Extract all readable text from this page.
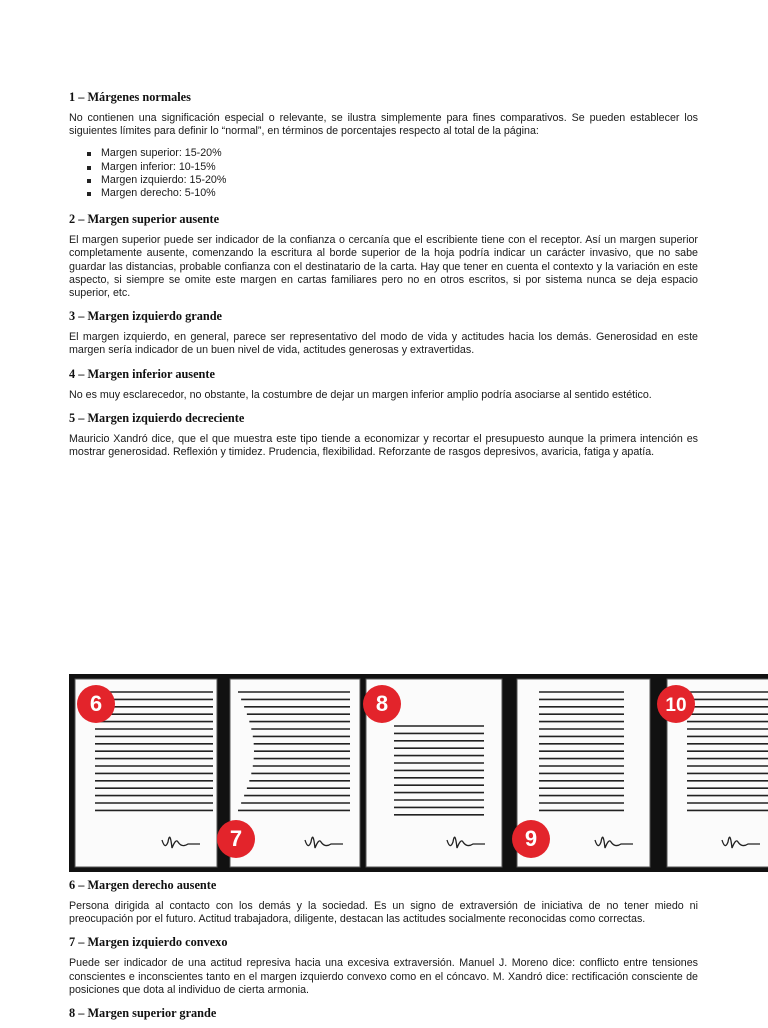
1 – Márgenes normales

No contienen una significación especial o relevante, se ilustra simplemente para fines comparativos. Se pueden establecer los siguientes límites para definir lo “normal”, en términos de porcentajes respecto al total de la página:

Margen superior: 15-20%
Margen inferior: 10-15%
Margen izquierdo: 15-20%
Margen derecho: 5-10%
2 – Margen superior ausente

El margen superior puede ser indicador de la confianza o cercanía que el escribiente tiene con el receptor. Así un margen superior completamente ausente, comenzando la escritura al borde superior de la hoja podría indicar un carácter invasivo, que no sabe guardar las distancias, probable confianza con el destinatario de la carta. Hay que tener en cuenta el contexto y la variación en este aspecto, si siempre se omite este margen en cartas familiares pero no en otros escritos, si por sistema nunca se deja espacio superior, etc.

3 – Margen izquierdo grande

El margen izquierdo, en general, parece ser representativo del modo de vida y actitudes hacia los demás. Generosidad en este margen sería indicador de un buen nivel de vida, actitudes generosas y extravertidas.

4 – Margen inferior ausente

No es muy esclarecedor, no obstante, la costumbre de dejar un margen inferior amplio podría asociarse al sentido estético.

5 – Margen izquierdo decreciente

Mauricio Xandró dice, que el que muestra este tipo tiende a economizar y recortar el presupuesto aunque la primera intención es mostrar generosidad. Reflexión y timidez. Prudencia, flexibilidad. Reforzante de rasgos depresivos, avaricia, fatiga y apatía.

6
7
8
9
10
6 – Margen derecho ausente

Persona dirigida al contacto con los demás y la sociedad. Es un signo de extraversión de iniciativa de no tener miedo ni preocupación por el futuro. Actitud trabajadora, diligente, destacan las actitudes socialmente reconocidas como correctas.

7 – Margen izquierdo convexo

Puede ser indicador de una actitud represiva hacia una excesiva extraversión. Manuel J. Moreno dice: conflicto entre tensiones conscientes e inconscientes tanto en el margen izquierdo convexo como en el cóncavo. M. Xandró dice: rectificación consciente de posiciones que dota al individuo de cierta armonia.

8 – Margen superior grande
